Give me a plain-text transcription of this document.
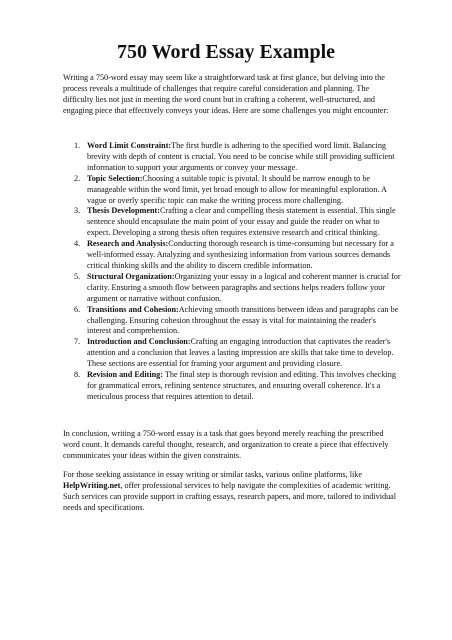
750 Word Essay Example

Writing a 750-word essay may seem like a straightforward task at first glance, but delving into the process reveals a multitude of challenges that require careful consideration and planning. The difficulty lies not just in meeting the word count but in crafting a coherent, well-structured, and engaging piece that effectively conveys your ideas. Here are some challenges you might encounter:

1. Word Limit Constraint:The first hurdle is adhering to the specified word limit. Balancing brevity with depth of content is crucial. You need to be concise while still providing sufficient information to support your arguments or convey your message.
2. Topic Selection:Choosing a suitable topic is pivotal. It should be narrow enough to be manageable within the word limit, yet broad enough to allow for meaningful exploration. A vague or overly specific topic can make the writing process more challenging.
3. Thesis Development:Crafting a clear and compelling thesis statement is essential. This single sentence should encapsulate the main point of your essay and guide the reader on what to expect. Developing a strong thesis often requires extensive research and critical thinking.
4. Research and Analysis:Conducting thorough research is time-consuming but necessary for a well-informed essay. Analyzing and synthesizing information from various sources demands critical thinking skills and the ability to discern credible information.
5. Structural Organization:Organizing your essay in a logical and coherent manner is crucial for clarity. Ensuring a smooth flow between paragraphs and sections helps readers follow your argument or narrative without confusion.
6. Transitions and Cohesion:Achieving smooth transitions between ideas and paragraphs can be challenging. Ensuring cohesion throughout the essay is vital for maintaining the reader's interest and comprehension.
7. Introduction and Conclusion:Crafting an engaging introduction that captivates the reader's attention and a conclusion that leaves a lasting impression are skills that take time to develop. These sections are essential for framing your argument and providing closure.
8. Revision and Editing: The final step is thorough revision and editing. This involves checking for grammatical errors, refining sentence structures, and ensuring overall coherence. It's a meticulous process that requires attention to detail.

In conclusion, writing a 750-word essay is a task that goes beyond merely reaching the prescribed word count. It demands careful thought, research, and organization to create a piece that effectively communicates your ideas within the given constraints.

For those seeking assistance in essay writing or similar tasks, various online platforms, like HelpWriting.net, offer professional services to help navigate the complexities of academic writing. Such services can provide support in crafting essays, research papers, and more, tailored to individual needs and specifications.
